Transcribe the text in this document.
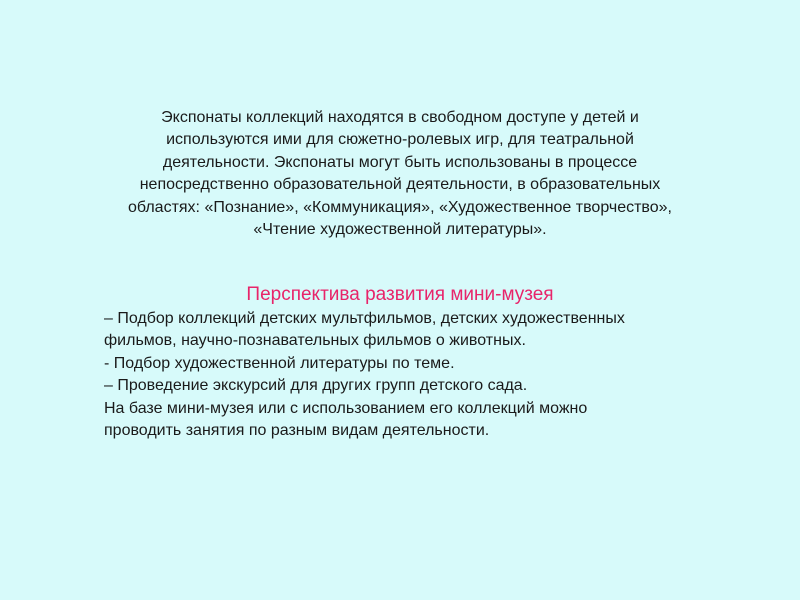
Экспонаты коллекций находятся в свободном доступе у детей и
используются ими для сюжетно-ролевых игр, для театральной
деятельности. Экспонаты могут быть использованы в процессе
непосредственно образовательной деятельности, в образовательных
областях: «Познание», «Коммуникация», «Художественное творчество»,
«Чтение художественной литературы».

Перспектива развития мини-музея

– Подбор коллекций детских мультфильмов, детских художественных
фильмов, научно-познавательных фильмов о животных.
- Подбор художественной литературы по теме.
– Проведение экскурсий для других групп детского сада.
На базе мини-музея или с использованием его коллекций можно
проводить занятия по разным видам деятельности.
